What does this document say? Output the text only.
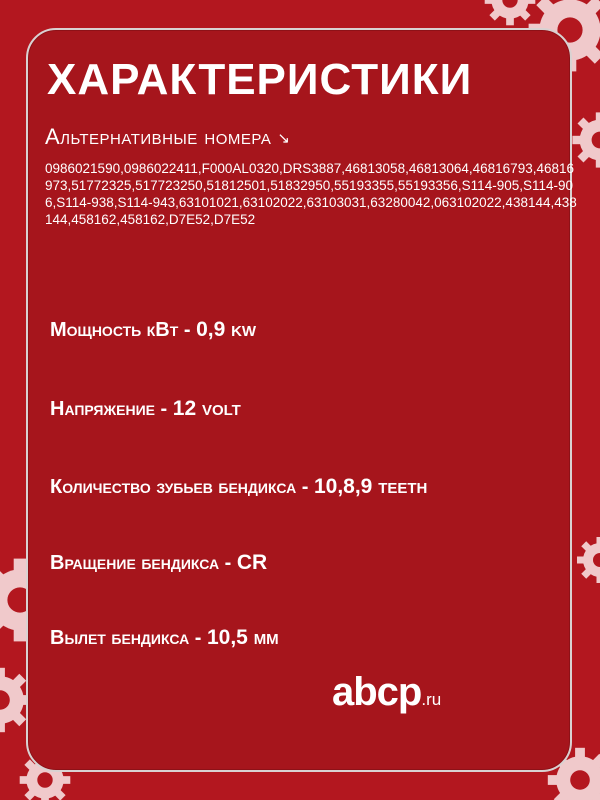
ХАРАКТЕРИСТИКИ
Альтернативные номера ↘
0986021590,0986022411,F000AL0320,DRS3887,46813058,46813064,46816793,46816973,51772325,517723250,51812501,51832950,55193355,55193356,S114-905,S114-906,S114-938,S114-943,63101021,63102022,63103031,63280042,063102022,438144,438144,458162,458162,D7E52,D7E52
Мощность кВт - 0,9 kw
Напряжение - 12 volt
Количество зубьев бендикса - 10,8,9 teeth
Вращение бендикса - CR
Вылет бендикса - 10,5 мм
abcp.ru
